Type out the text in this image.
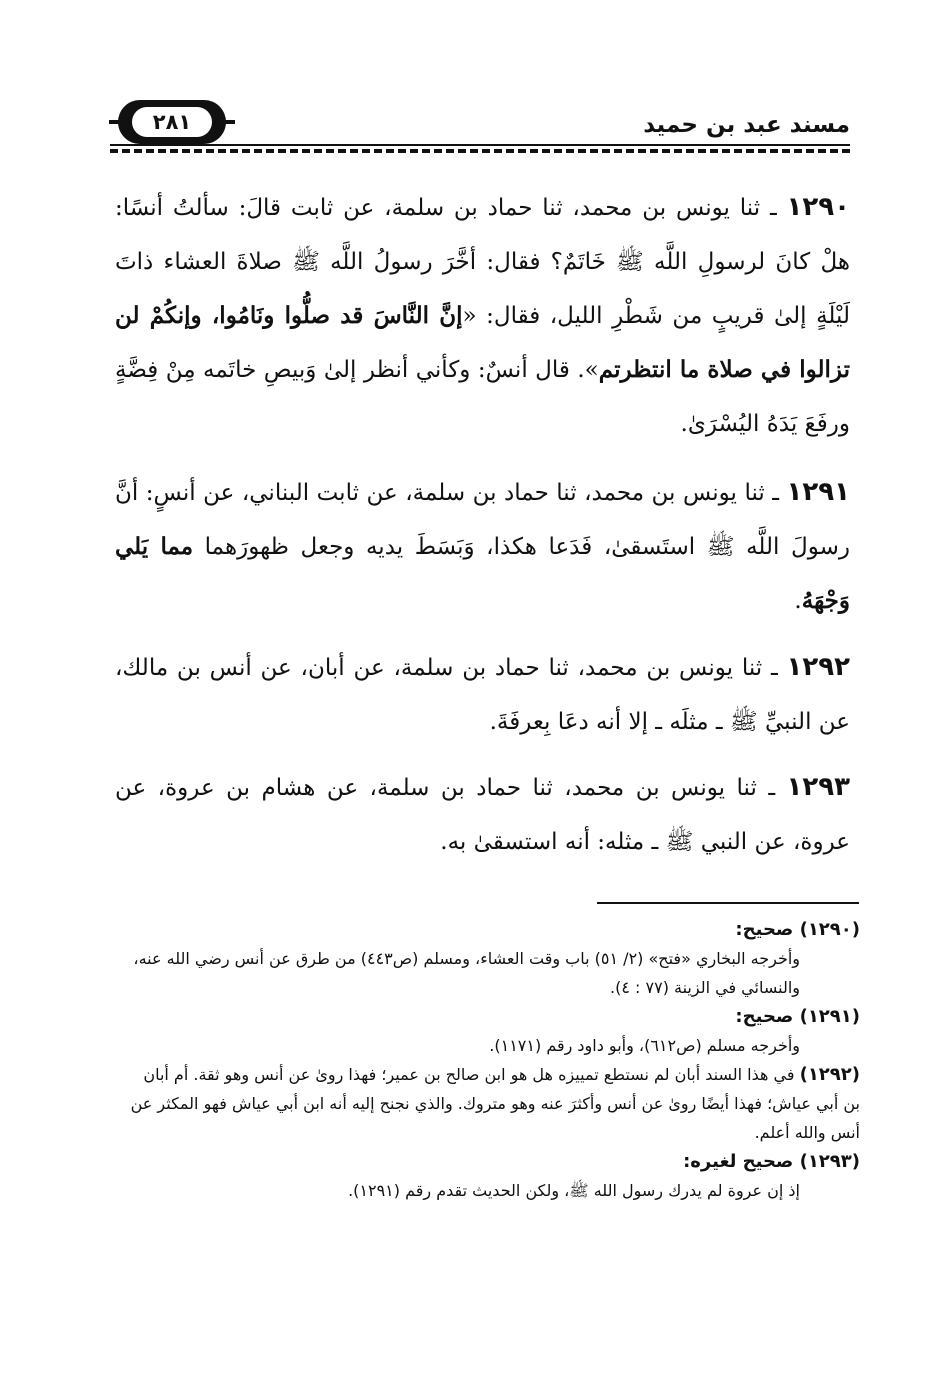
٢٨١	مسند عبد بن حميد
١٢٩٠ ـ ثنا يونس بن محمد، ثنا حماد بن سلمة، عن ثابت قالَ: سألتُ أنسًا: هلْ كانَ لرسولِ اللَّه ﷺ خَاتَمٌ؟ فقال: أخَّرَ رسولُ اللَّه ﷺ صلاةَ العشاء ذاتَ لَيْلَةٍ إلىٰ قريبٍ من شَطْرِ الليل، فقال: «إنَّ النَّاسَ قد صلُّوا ونَامُوا، وإنكُمْ لن تزالوا في صلاة ما انتظرتم». قال أنسٌ: وكأني أنظر إلىٰ وَبيصِ خاتَمه مِنْ فِضَّةٍ ورفَعَ يَدَهُ اليُسْرَىٰ.
١٢٩١ ـ ثنا يونس بن محمد، ثنا حماد بن سلمة، عن ثابت البناني، عن أنسٍ: أنَّ رسولَ اللَّه ﷺ استَسقىٰ، فَدَعا هكذا، وَبَسَطَ يديه وجعل ظهورَهما مما يَلي وَجْهَهُ.
١٢٩٢ ـ ثنا يونس بن محمد، ثنا حماد بن سلمة، عن أبان، عن أنس بن مالك، عن النبيِّ ﷺ ـ مثلَه ـ إلا أنه دعَا بِعرفَةَ.
١٢٩٣ ـ ثنا يونس بن محمد، ثنا حماد بن سلمة، عن هشام بن عروة، عن عروة، عن النبي ﷺ ـ مثله: أنه استسقىٰ به.
(١٢٩٠) صحيح:
وأخرجه البخاري «فتح» (٢/ ٥١) باب وقت العشاء، ومسلم (ص٤٤٣) من طرق عن أنس رضي الله عنه، والنسائي في الزينة (٧٧ : ٤).
(١٢٩١) صحيح:
وأخرجه مسلم (ص٦١٢)، وأبو داود رقم (١١٧١).
(١٢٩٢) في هذا السند أبان لم نستطع تمييزه هل هو ابن صالح بن عمير؛ فهذا روىٰ عن أنس وهو ثقة. أم أبان بن أبي عياش؛ فهذا أيضًا روىٰ عن أنس وأكثرَ عنه وهو متروك. والذي نجنح إليه أنه ابن أبي عياش فهو المكثر عن أنس والله أعلم.
(١٢٩٣) صحيح لغيره:
إذ إن عروة لم يدرك رسول الله ﷺ، ولكن الحديث تقدم رقم (١٢٩١).
